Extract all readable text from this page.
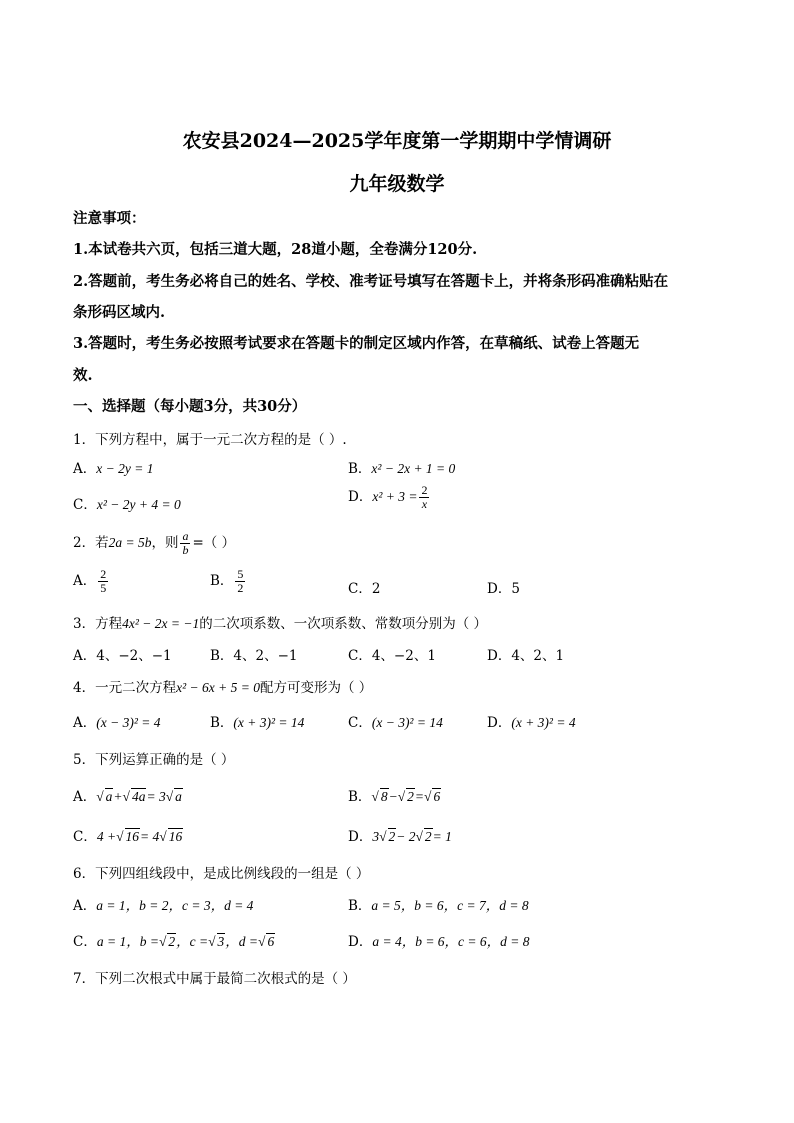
农安县2024—2025学年度第一学期期中学情调研
九年级数学
注意事项：
1.本试卷共六页，包括三道大题，28道小题，全卷满分120分.
2.答题前，考生务必将自己的姓名、学校、准考证号填写在答题卡上，并将条形码准确粘贴在
条形码区域内.
3.答题时，考生务必按照考试要求在答题卡的制定区域内作答，在草稿纸、试卷上答题无
效.
一、选择题（每小题3分，共30分）
1．下列方程中，属于一元二次方程的是（ ）.
A．x − 2y = 1	B．x² − 2x + 1 = 0
C．x² − 2y + 4 = 0	D．$x^2 + 3 = \frac{2}{x}$
2．若2a = 5b，则 $\frac{a}{b}$ =（ ）
A． $\frac{2}{5}$	B． $\frac{5}{2}$	C．2	D．5
3．方程4x² − 2x = −1的二次项系数、一次项系数、常数项分别为（ ）
A．4、−2、−1	B．4、2、−1	C．4、−2、1	D．4、2、1
4．一元二次方程x² − 6x + 5 = 0配方可变形为（ ）
A．(x − 3)² = 4	B．(x + 3)² = 14	C．(x − 3)² = 14	D．(x + 3)² = 4
5．下列运算正确的是（ ）
A．√ a+√ 4a= 3√ a	B．√ 8−√ 2=√ 6
C．4 +√ 16= 4√ 16	D．3√ 2− 2√ 2= 1
6．下列四组线段中，是成比例线段的一组是（ ）
A．a = 1，b = 2，c = 3，d = 4	B．a = 5，b = 6，c = 7，d = 8
C．a = 1，b =√ 2，c =√ 3，d =√ 6	D．a = 4，b = 6，c = 6，d = 8
7．下列二次根式中属于最简二次根式的是（ ）
